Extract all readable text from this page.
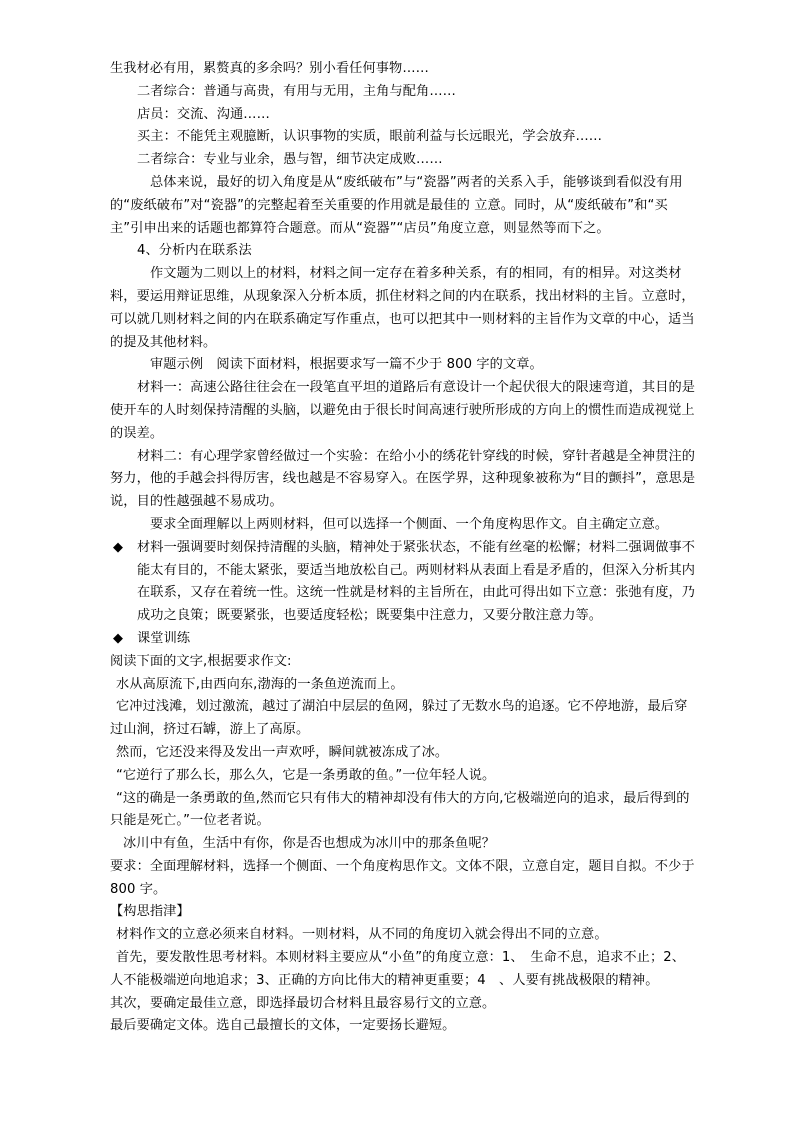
生我材必有用，累赘真的多余吗？别小看任何事物……

二者综合：普通与高贵，有用与无用，主角与配角……

店员：交流、沟通……

买主：不能凭主观臆断，认识事物的实质，眼前利益与长远眼光，学会放弃……

二者综合：专业与业余，愚与智，细节决定成败……

总体来说，最好的切入角度是从“废纸破布”与“瓷器”两者的关系入手，能够谈到看似没有用的“废纸破布”对“瓷器”的完整起着至关重要的作用就是最佳的 立意。同时，从“废纸破布”和“买主”引申出来的话题也都算符合题意。而从“瓷器”“店员”角度立意，则显然等而下之。

4、分析内在联系法

作文题为二则以上的材料，材料之间一定存在着多种关系，有的相同，有的相异。对这类材料，要运用辩证思维，从现象深入分析本质，抓住材料之间的内在联系，找出材料的主旨。立意时，可以就几则材料之间的内在联系确定写作重点，也可以把其中一则材料的主旨作为文章的中心，适当的提及其他材料。

审题示例　阅读下面材料，根据要求写一篇不少于 800 字的文章。

材料一：高速公路往往会在一段笔直平坦的道路后有意设计一个起伏很大的限速弯道，其目的是使开车的人时刻保持清醒的头脑，以避免由于很长时间高速行驶所形成的方向上的惯性而造成视觉上的误差。

材料二：有心理学家曾经做过一个实验：在给小小的绣花针穿线的时候，穿针者越是全神贯注的努力，他的手越会抖得厉害，线也越是不容易穿入。在医学界，这种现象被称为“目的颤抖”，意思是说，目的性越强越不易成功。

要求全面理解以上两则材料，但可以选择一个侧面、一个角度构思作文。自主确定立意。

◆ 材料一强调要时刻保持清醒的头脑，精神处于紧张状态，不能有丝毫的松懈；材料二强调做事不能太有目的，不能太紧张，要适当地放松自己。两则材料从表面上看是矛盾的，但深入分析其内在联系，又存在着统一性。这统一性就是材料的主旨所在，由此可得出如下立意：张弛有度，乃成功之良策；既要紧张，也要适度轻松；既要集中注意力，又要分散注意力等。
◆ 课堂训练

阅读下面的文字,根据要求作文:

水从高原流下,由西向东,渤海的一条鱼逆流而上。

它冲过浅滩，划过激流，越过了湖泊中层层的鱼网，躲过了无数水鸟的追逐。它不停地游，最后穿过山涧，挤过石罅，游上了高原。

然而，它还没来得及发出一声欢呼，瞬间就被冻成了冰。

“它逆行了那么长，那么久，它是一条勇敢的鱼。”一位年轻人说。

“这的确是一条勇敢的鱼,然而它只有伟大的精神却没有伟大的方向,它极端逆向的追求，最后得到的只能是死亡。”一位老者说。

冰川中有鱼，生活中有你，你是否也想成为冰川中的那条鱼呢？

要求：全面理解材料，选择一个侧面、一个角度构思作文。文体不限，立意自定，题目自拟。不少于 800 字。

【构思指津】

材料作文的立意必须来自材料。一则材料，从不同的角度切入就会得出不同的立意。

首先，要发散性思考材料。本则材料主要应从“小鱼”的角度立意：1、　生命不息，追求不止；2、　人不能极端逆向地追求；3、正确的方向比伟大的精神更重要；4　、人要有挑战极限的精神。

其次，要确定最佳立意，即选择最切合材料且最容易行文的立意。

最后要确定文体。选自己最擅长的文体，一定要扬长避短。
